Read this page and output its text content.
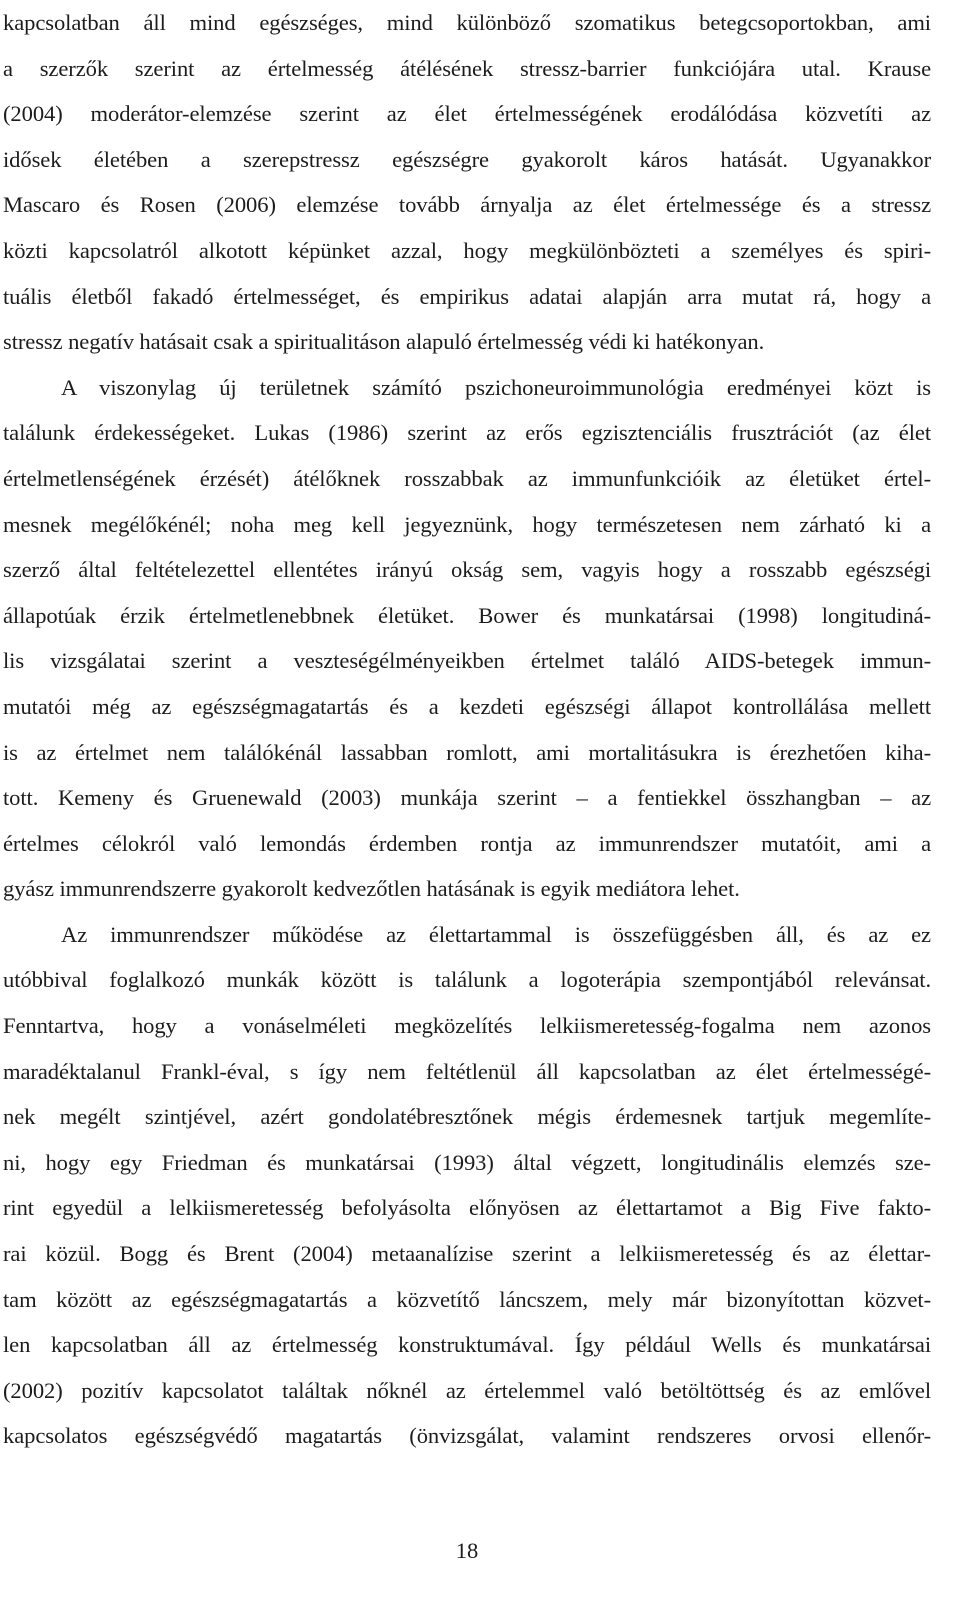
kapcsolatban áll mind egészséges, mind különböző szomatikus betegcsoportokban, ami
a szerzők szerint az értelmesség átélésének stressz-barrier funkciójára utal. Krause
(2004) moderátor-elemzése szerint az élet értelmességének erodálódása közvetíti az
idősek életében a szerepstressz egészségre gyakorolt káros hatását. Ugyanakkor
Mascaro és Rosen (2006) elemzése tovább árnyalja az élet értelmessége és a stressz
közti kapcsolatról alkotott képünket azzal, hogy megkülönbözteti a személyes és spiri-
tuális életből fakadó értelmességet, és empirikus adatai alapján arra mutat rá, hogy a
stressz negatív hatásait csak a spiritualitáson alapuló értelmesség védi ki hatékonyan.
A viszonylag új területnek számító pszichoneuroimmunológia eredményei közt is
találunk érdekességeket. Lukas (1986) szerint az erős egzisztenciális frusztrációt (az élet
értelmetlenségének érzését) átélőknek rosszabbak az immunfunkcióik az életüket értel-
mesnek megélőkénél; noha meg kell jegyeznünk, hogy természetesen nem zárható ki a
szerző által feltételezettel ellentétes irányú okság sem, vagyis hogy a rosszabb egészségi
állapotúak érzik értelmetlenebbnek életüket. Bower és munkatársai (1998) longitudiná-
lis vizsgálatai szerint a veszteségélményeikben értelmet találó AIDS-betegek immun-
mutatói még az egészségmagatartás és a kezdeti egészségi állapot kontrollálása mellett
is az értelmet nem találókénál lassabban romlott, ami mortalitásukra is érezhetően kiha-
tott. Kemeny és Gruenewald (2003) munkája szerint – a fentiekkel összhangban – az
értelmes célokról való lemondás érdemben rontja az immunrendszer mutatóit, ami a
gyász immunrendszerre gyakorolt kedvezőtlen hatásának is egyik mediátora lehet.
Az immunrendszer működése az élettartammal is összefüggésben áll, és az ez
utóbbival foglalkozó munkák között is találunk a logoterápia szempontjából relevánsat.
Fenntartva, hogy a vonáselméleti megközelítés lelkiismeretesség-fogalma nem azonos
maradéktalanul Frankl-éval, s így nem feltétlenül áll kapcsolatban az élet értelmességé-
nek megélt szintjével, azért gondolatébresztőnek mégis érdemesnek tartjuk megemlíte-
ni, hogy egy Friedman és munkatársai (1993) által végzett, longitudinális elemzés sze-
rint egyedül a lelkiismeretesség befolyásolta előnyösen az élettartamot a Big Five fakto-
rai közül. Bogg és Brent (2004) metaanalízise szerint a lelkiismeretesség és az élettar-
tam között az egészségmagatartás a közvetítő láncszem, mely már bizonyítottan közvet-
len kapcsolatban áll az értelmesség konstruktumával. Így például Wells és munkatársai
(2002) pozitív kapcsolatot találtak nőknél az értelemmel való betöltöttség és az emlővel
kapcsolatos egészségvédő magatartás (önvizsgálat, valamint rendszeres orvosi ellenőr-
18
